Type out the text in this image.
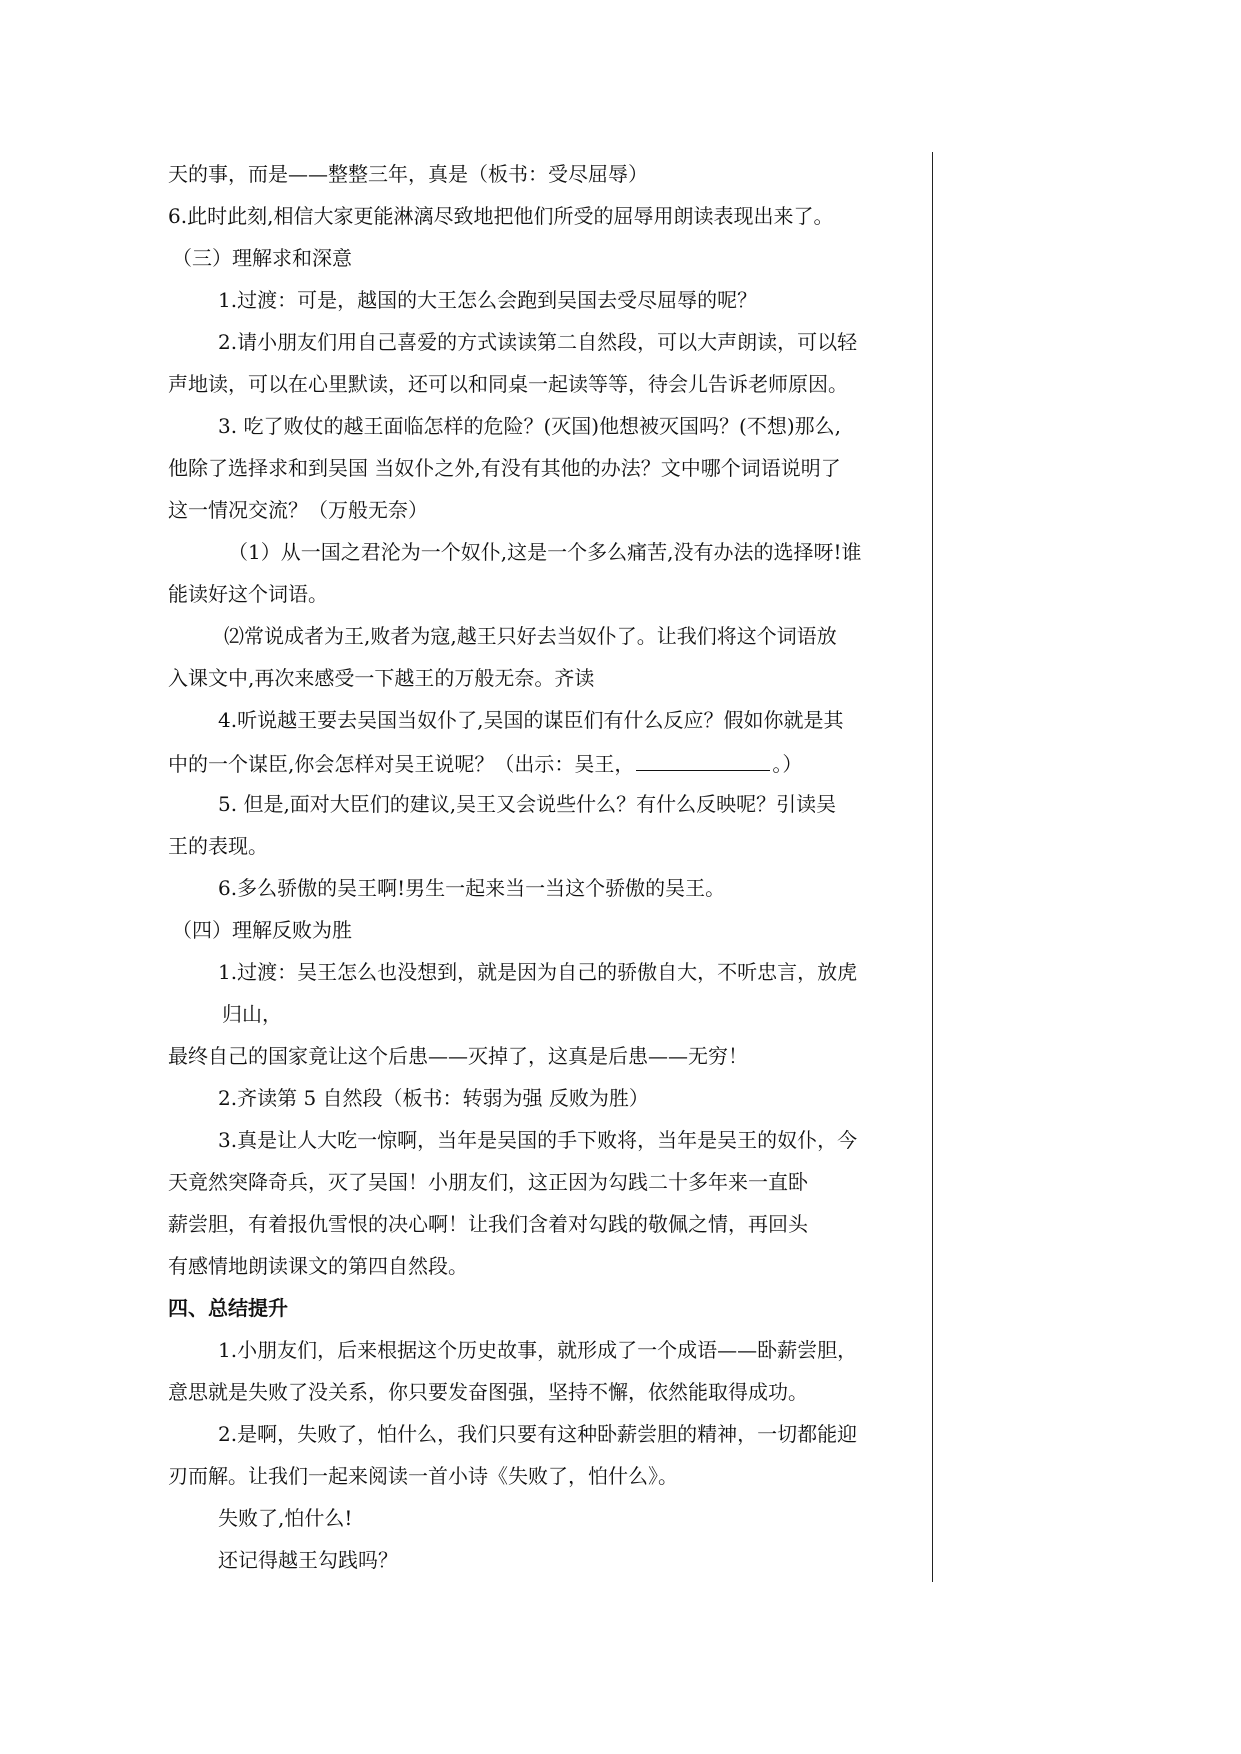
天的事，而是——整整三年，真是（板书：受尽屈辱）
6.此时此刻,相信大家更能淋漓尽致地把他们所受的屈辱用朗读表现出来了。
（三）理解求和深意
1.过渡：可是，越国的大王怎么会跑到吴国去受尽屈辱的呢？
2.请小朋友们用自己喜爱的方式读读第二自然段，可以大声朗读，可以轻
声地读，可以在心里默读，还可以和同桌一起读等等，待会儿告诉老师原因。
3. 吃了败仗的越王面临怎样的危险？(灭国)他想被灭国吗？(不想)那么,
他除了选择求和到吴国 当奴仆之外,有没有其他的办法？文中哪个词语说明了
这一情况交流？（万般无奈）
（1）从一国之君沦为一个奴仆,这是一个多么痛苦,没有办法的选择呀!谁
能读好这个词语。
⑵常说成者为王,败者为寇,越王只好去当奴仆了。让我们将这个词语放
入课文中,再次来感受一下越王的万般无奈。齐读
4.听说越王要去吴国当奴仆了,吴国的谋臣们有什么反应？假如你就是其
中的一个谋臣,你会怎样对吴王说呢？（出示：吴王，	。）
5. 但是,面对大臣们的建议,吴王又会说些什么？有什么反映呢？引读吴
王的表现。
6.多么骄傲的吴王啊!男生一起来当一当这个骄傲的吴王。
（四）理解反败为胜
1.过渡：吴王怎么也没想到，就是因为自己的骄傲自大，不听忠言，放虎
归山，
最终自己的国家竟让这个后患——灭掉了，这真是后患——无穷！
2.齐读第 5 自然段（板书：转弱为强 反败为胜）
3.真是让人大吃一惊啊，当年是吴国的手下败将，当年是吴王的奴仆，今
天竟然突降奇兵，灭了吴国！小朋友们，这正因为勾践二十多年来一直卧
薪尝胆，有着报仇雪恨的决心啊！让我们含着对勾践的敬佩之情，再回头
有感情地朗读课文的第四自然段。
四、总结提升
1.小朋友们，后来根据这个历史故事，就形成了一个成语——卧薪尝胆，
意思就是失败了没关系，你只要发奋图强，坚持不懈，依然能取得成功。
2.是啊，失败了，怕什么，我们只要有这种卧薪尝胆的精神，一切都能迎
刃而解。让我们一起来阅读一首小诗《失败了，怕什么》。
失败了,怕什么!
还记得越王勾践吗？
